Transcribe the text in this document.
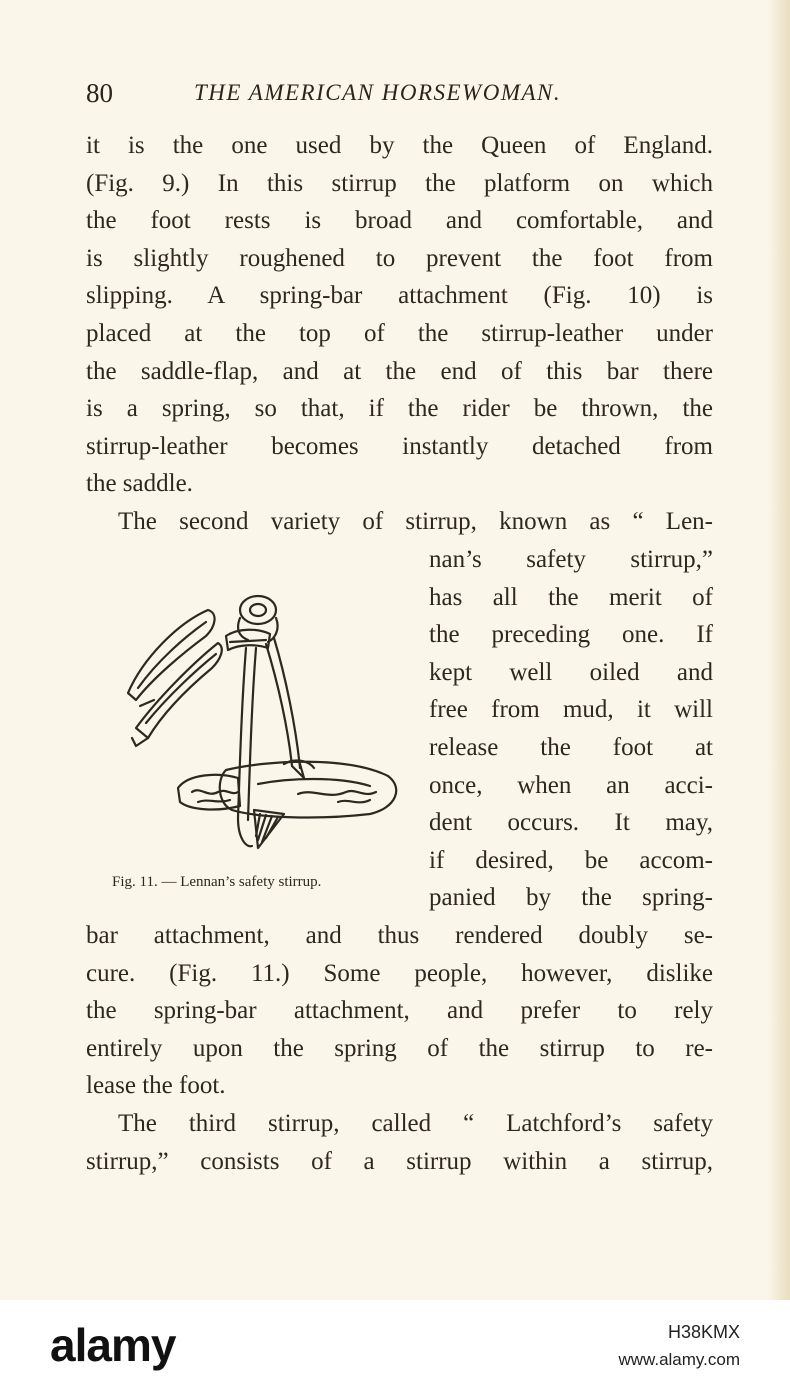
80	THE AMERICAN HORSEWOMAN.
it is the one used by the Queen of England.
(Fig. 9.) In this stirrup the platform on which
the foot rests is broad and comfortable, and
is slightly roughened to prevent the foot from
slipping. A spring-bar attachment (Fig. 10) is
placed at the top of the stirrup-leather under
the saddle-flap, and at the end of this bar there
is a spring, so that, if the rider be thrown, the
stirrup-leather becomes instantly detached from
the saddle.
The second variety of stirrup, known as “ Len-
nan’s safety stirrup,”
has all the merit of
the preceding one. If
kept well oiled and
free from mud, it will
release the foot at
once, when an acci-
dent occurs. It may,
if desired, be accom-
panied by the spring-
Fig. 11. — Lennan’s safety stirrup.
bar attachment, and thus rendered doubly se-
cure. (Fig. 11.) Some people, however, dislike
the spring-bar attachment, and prefer to rely
entirely upon the spring of the stirrup to re-
lease the foot.
The third stirrup, called “ Latchford’s safety
stirrup,” consists of a stirrup within a stirrup,
alamy	H38KMX
www.alamy.com
